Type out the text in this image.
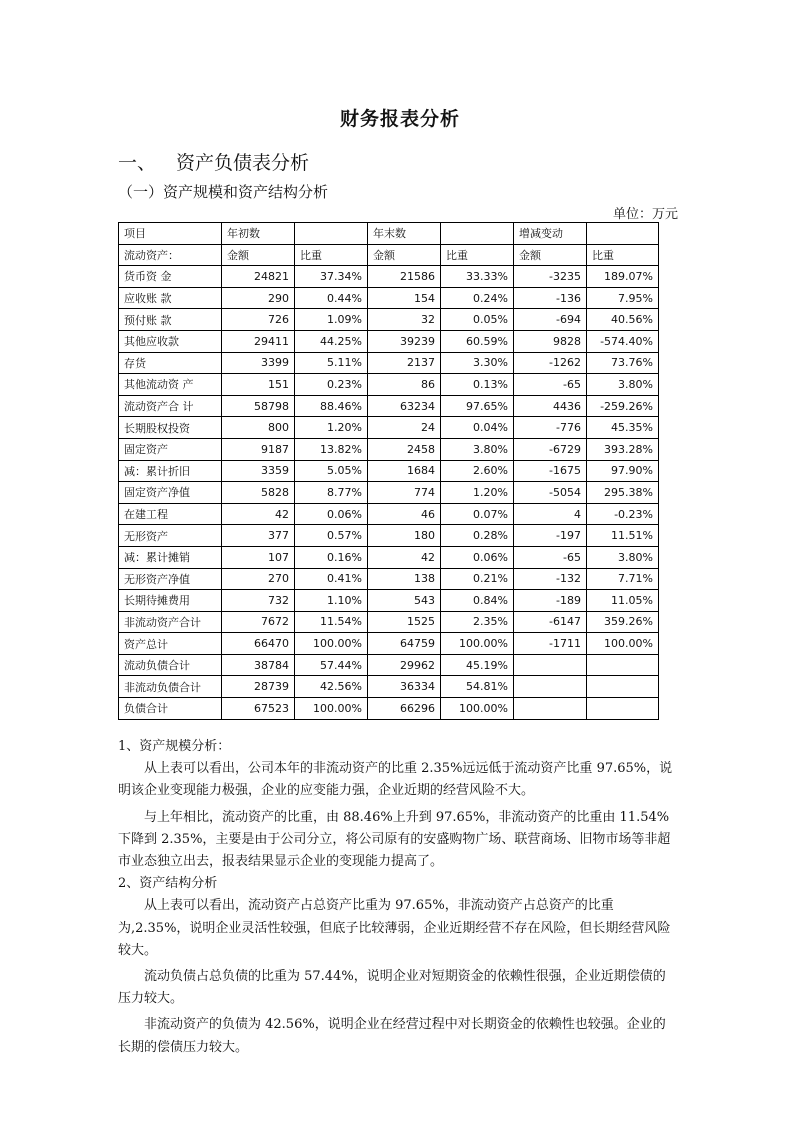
财务报表分析
一、 资产负债表分析
（一）资产规模和资产结构分析
单位：万元
项目	年初数		年末数		增减变动	
流动资产：	金额	比重	金额	比重	金额	比重
货币资 金	24821	37.34%	21586	33.33%	-3235	189.07%
应收账 款	290	0.44%	154	0.24%	-136	7.95%
预付账 款	726	1.09%	32	0.05%	-694	40.56%
其他应收款	29411	44.25%	39239	60.59%	9828	-574.40%
存货	3399	5.11%	2137	3.30%	-1262	73.76%
其他流动资 产	151	0.23%	86	0.13%	-65	3.80%
流动资产合 计	58798	88.46%	63234	97.65%	4436	-259.26%
长期股权投资	800	1.20%	24	0.04%	-776	45.35%
固定资产	9187	13.82%	2458	3.80%	-6729	393.28%
减：累计折旧	3359	5.05%	1684	2.60%	-1675	97.90%
固定资产净值	5828	8.77%	774	1.20%	-5054	295.38%
在建工程	42	0.06%	46	0.07%	4	-0.23%
无形资产	377	0.57%	180	0.28%	-197	11.51%
减：累计摊销	107	0.16%	42	0.06%	-65	3.80%
无形资产净值	270	0.41%	138	0.21%	-132	7.71%
长期待摊费用	732	1.10%	543	0.84%	-189	11.05%
非流动资产合计	7672	11.54%	1525	2.35%	-6147	359.26%
资产总计	66470	100.00%	64759	100.00%	-1711	100.00%
流动负债合计	38784	57.44%	29962	45.19%		
非流动负债合计	28739	42.56%	36334	54.81%		
负债合计	67523	100.00%	66296	100.00%		

1、资产规模分析：

从上表可以看出，公司本年的非流动资产的比重 2.35%远远低于流动资产比重 97.65%，说明该企业变现能力极强，企业的应变能力强，企业近期的经营风险不大。

与上年相比，流动资产的比重，由 88.46%上升到 97.65%，非流动资产的比重由 11.54%下降到 2.35%，主要是由于公司分立，将公司原有的安盛购物广场、联营商场、旧物市场等非超市业态独立出去，报表结果显示企业的变现能力提高了。

2、资产结构分析

从上表可以看出，流动资产占总资产比重为 97.65%，非流动资产占总资产的比重为,2.35%，说明企业灵活性较强，但底子比较薄弱，企业近期经营不存在风险，但长期经营风险较大。

流动负债占总负债的比重为 57.44%，说明企业对短期资金的依赖性很强，企业近期偿债的压力较大。

非流动资产的负债为 42.56%，说明企业在经营过程中对长期资金的依赖性也较强。企业的长期的偿债压力较大。
